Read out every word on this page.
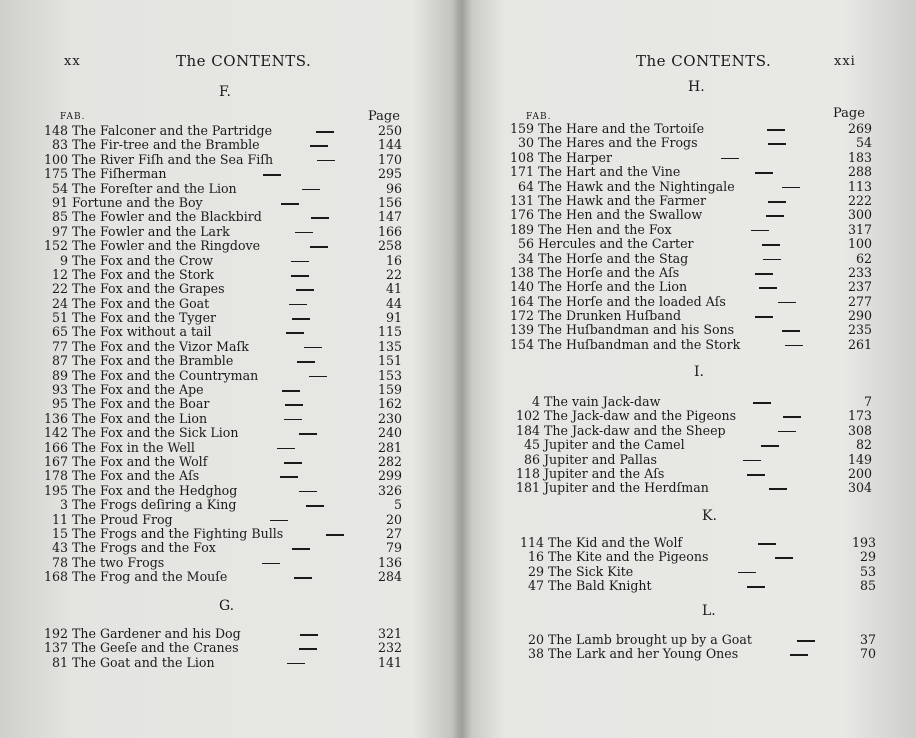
xx	The CONTENTS.
F.
FAB.	Page
148 The Falconer and the Partridge	250
83 The Fir-tree and the Bramble	144
100 The River Fiſh and the Sea Fiſh	170
175 The Fiſherman	295
54 The Foreſter and the Lion	96
91 Fortune and the Boy	156
85 The Fowler and the Blackbird	147
97 The Fowler and the Lark	166
152 The Fowler and the Ringdove	258
9 The Fox and the Crow	16
12 The Fox and the Stork	22
22 The Fox and the Grapes	41
24 The Fox and the Goat	44
51 The Fox and the Tyger	91
65 The Fox without a tail	115
77 The Fox and the Vizor Maſk	135
87 The Fox and the Bramble	151
89 The Fox and the Countryman	153
93 The Fox and the Ape	159
95 The Fox and the Boar	162
136 The Fox and the Lion	230
142 The Fox and the Sick Lion	240
166 The Fox in the Well	281
167 The Fox and the Wolf	282
178 The Fox and the Aſs	299
195 The Fox and the Hedghog	326
3 The Frogs deſiring a King	5
11 The Proud Frog	20
15 The Frogs and the Fighting Bulls	27
43 The Frogs and the Fox	79
78 The two Frogs	136
168 The Frog and the Mouſe	284
G.
192 The Gardener and his Dog	321
137 The Geeſe and the Cranes	232
81 The Goat and the Lion	141
The CONTENTS.	xxi
H.
FAB.	Page
159 The Hare and the Tortoiſe	269
30 The Hares and the Frogs	54
108 The Harper	183
171 The Hart and the Vine	288
64 The Hawk and the Nightingale	113
131 The Hawk and the Farmer	222
176 The Hen and the Swallow	300
189 The Hen and the Fox	317
56 Hercules and the Carter	100
34 The Horſe and the Stag	62
138 The Horſe and the Aſs	233
140 The Horſe and the Lion	237
164 The Horſe and the loaded Aſs	277
172 The Drunken Huſband	290
139 The Huſbandman and his Sons	235
154 The Huſbandman and the Stork	261
I.
4 The vain Jack-daw	7
102 The Jack-daw and the Pigeons	173
184 The Jack-daw and the Sheep	308
45 Jupiter and the Camel	82
86 Jupiter and Pallas	149
118 Jupiter and the Aſs	200
181 Jupiter and the Herdſman	304
K.
114 The Kid and the Wolf	193
16 The Kite and the Pigeons	29
29 The Sick Kite	53
47 The Bald Knight	85
L.
20 The Lamb brought up by a Goat	37
38 The Lark and her Young Ones	70
